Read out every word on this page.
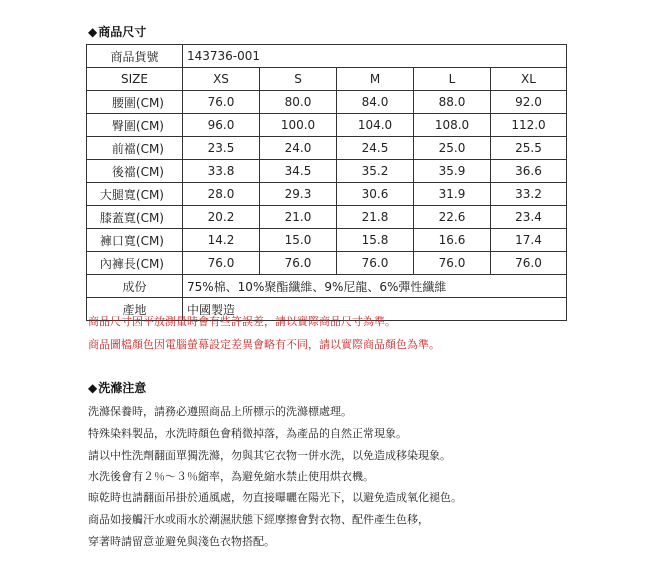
◆商品尺寸
商品貨號	143736-001				
SIZE	XS	S	M	L	XL
腰圍(CM)	76.0	80.0	84.0	88.0	92.0
臀圍(CM)	96.0	100.0	104.0	108.0	112.0
前襠(CM)	23.5	24.0	24.5	25.0	25.5
後襠(CM)	33.8	34.5	35.2	35.9	36.6
大腿寬(CM)	28.0	29.3	30.6	31.9	33.2
膝蓋寬(CM)	20.2	21.0	21.8	22.6	23.4
褲口寬(CM)	14.2	15.0	15.8	16.6	17.4
內褲長(CM)	76.0	76.0	76.0	76.0	76.0
成份	75%棉、10%聚酯纖維、9%尼龍、6%彈性纖維				
產地	中國製造				
商品尺寸因平放測量時會有些許誤差，請以實際商品尺寸為準。
商品圖檔顏色因電腦螢幕設定差異會略有不同，請以實際商品顏色為準。
◆洗滌注意
洗滌保養時，請務必遵照商品上所標示的洗滌標處理。
特殊染料製品，水洗時顏色會稍微掉落，為產品的自然正常現象。
請以中性洗劑翻面單獨洗滌，勿與其它衣物一併水洗，以免造成移染現象。
水洗後會有２％～３％縮率，為避免縮水禁止使用烘衣機。
晾乾時也請翻面吊掛於通風處，勿直接曝曬在陽光下，以避免造成氧化褪色。
商品如接觸汗水或雨水於潮濕狀態下經摩擦會對衣物、配件產生色移，
穿著時請留意並避免與淺色衣物搭配。
